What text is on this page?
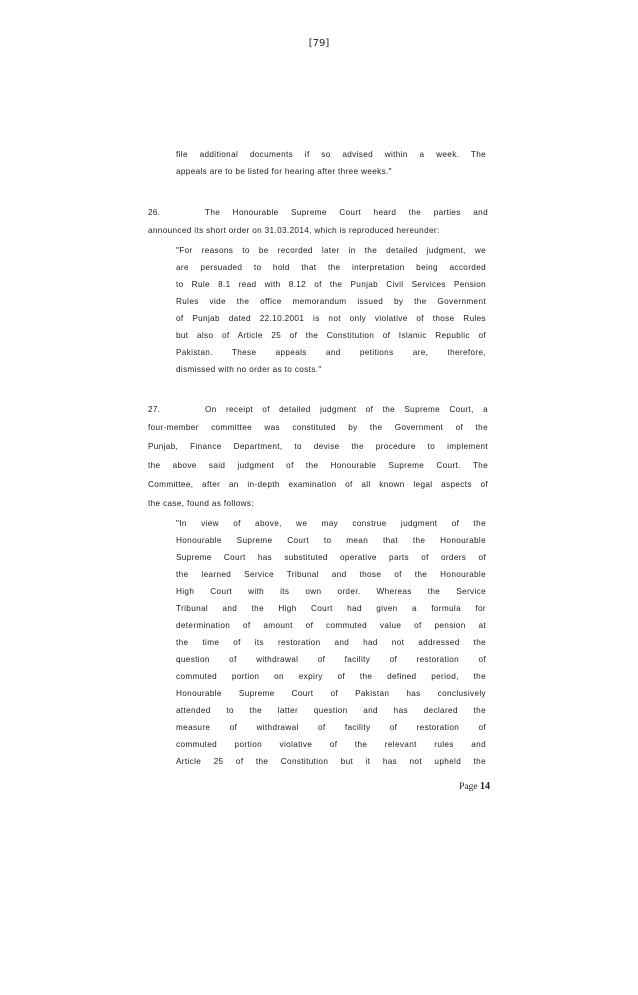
[79]
file additional documents if so advised within a week. The
appeals are to be listed for hearing after three weeks."
26.	The Honourable Supreme Court heard the parties and
announced its short order on 31.03.2014, which is reproduced hereunder:
"For reasons to be recorded later in the detailed judgment, we
are persuaded to hold that the interpretation being accorded
to Rule 8.1 read with 8.12 of the Punjab Civil Services Pension
Rules vide the office memorandum issued by the Government
of Punjab dated 22.10.2001 is not only violative of those Rules
but also of Article 25 of the Constitution of Islamic Republic of
Pakistan. These appeals and petitions are, therefore,
dismissed with no order as to costs."
27.	On receipt of detailed judgment of the Supreme Court, a
four-member committee was constituted by the Government of the
Punjab, Finance Department, to devise the procedure to implement
the above said judgment of the Honourable Supreme Court. The
Committee, after an in-depth examination of all known legal aspects of
the case, found as follows:
"In view of above, we may construe judgment of the
Honourable Supreme Court to mean that the Honourable
Supreme Court has substituted operative parts of orders of
the learned Service Tribunal and those of the Honourable
High Court with its own order. Whereas the Service
Tribunal and the High Court had given a formula for
determination of amount of commuted value of pension at
the time of its restoration and had not addressed the
question of withdrawal of facility of restoration of
commuted portion on expiry of the defined period, the
Honourable Supreme Court of Pakistan has conclusively
attended to the latter question and has declared the
measure of withdrawal of facility of restoration of
commuted portion violative of the relevant rules and
Article 25 of the Constitution but it has not upheld the
Page 14
